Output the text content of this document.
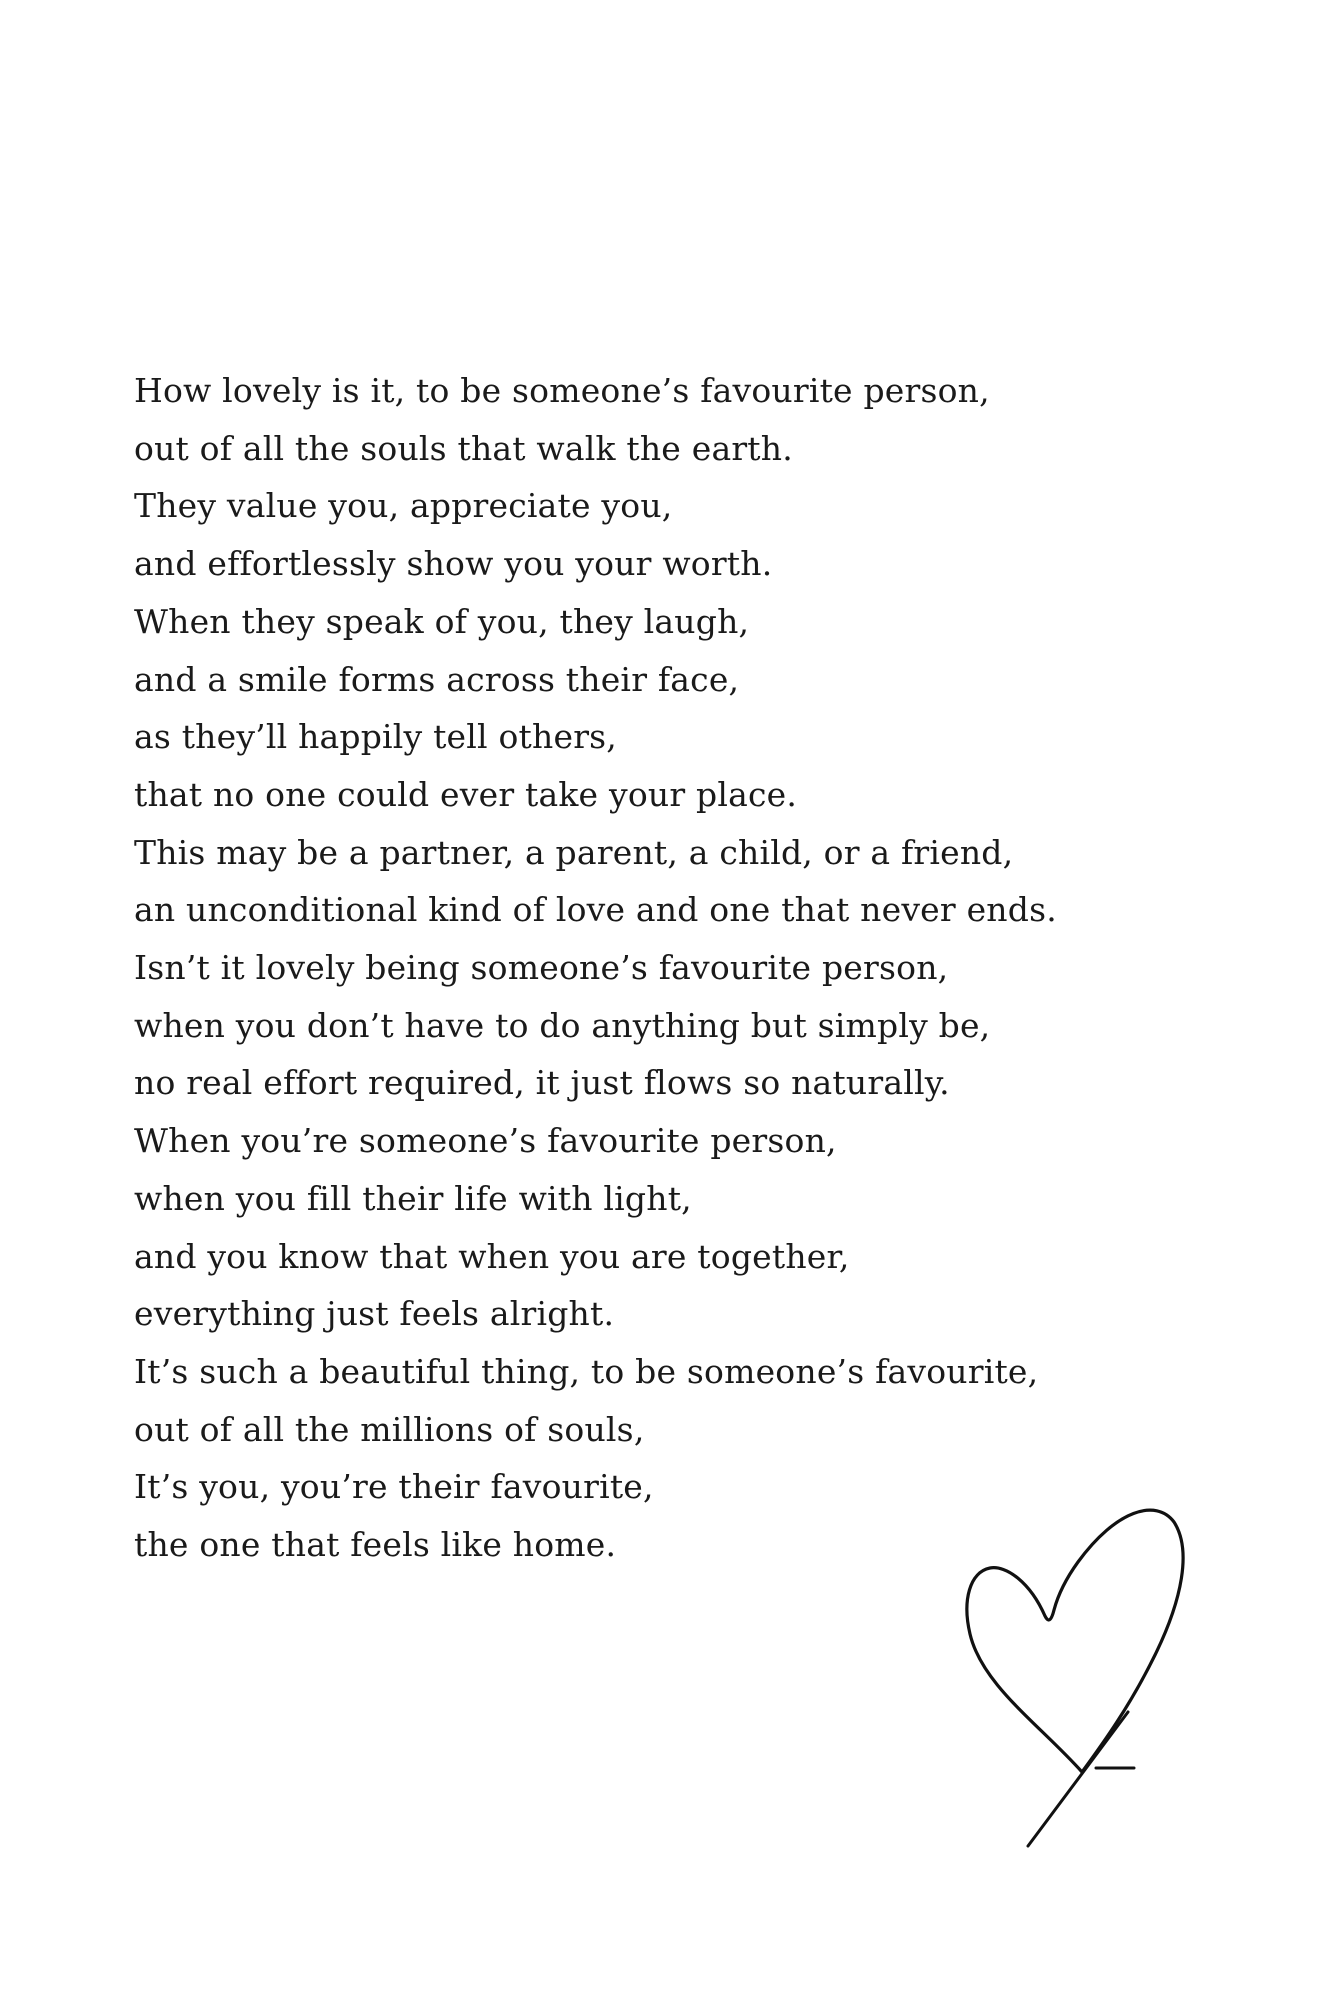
How lovely is it, to be someone’s favourite person,
out of all the souls that walk the earth.
They value you, appreciate you,
and effortlessly show you your worth.
When they speak of you, they laugh,
and a smile forms across their face,
as they’ll happily tell others,
that no one could ever take your place.
This may be a partner, a parent, a child, or a friend,
an unconditional kind of love and one that never ends.
Isn’t it lovely being someone’s favourite person,
when you don’t have to do anything but simply be,
no real effort required, it just flows so naturally.
When you’re someone’s favourite person,
when you fill their life with light,
and you know that when you are together,
everything just feels alright.
It’s such a beautiful thing, to be someone’s favourite,
out of all the millions of souls,
It’s you, you’re their favourite,
the one that feels like home.
